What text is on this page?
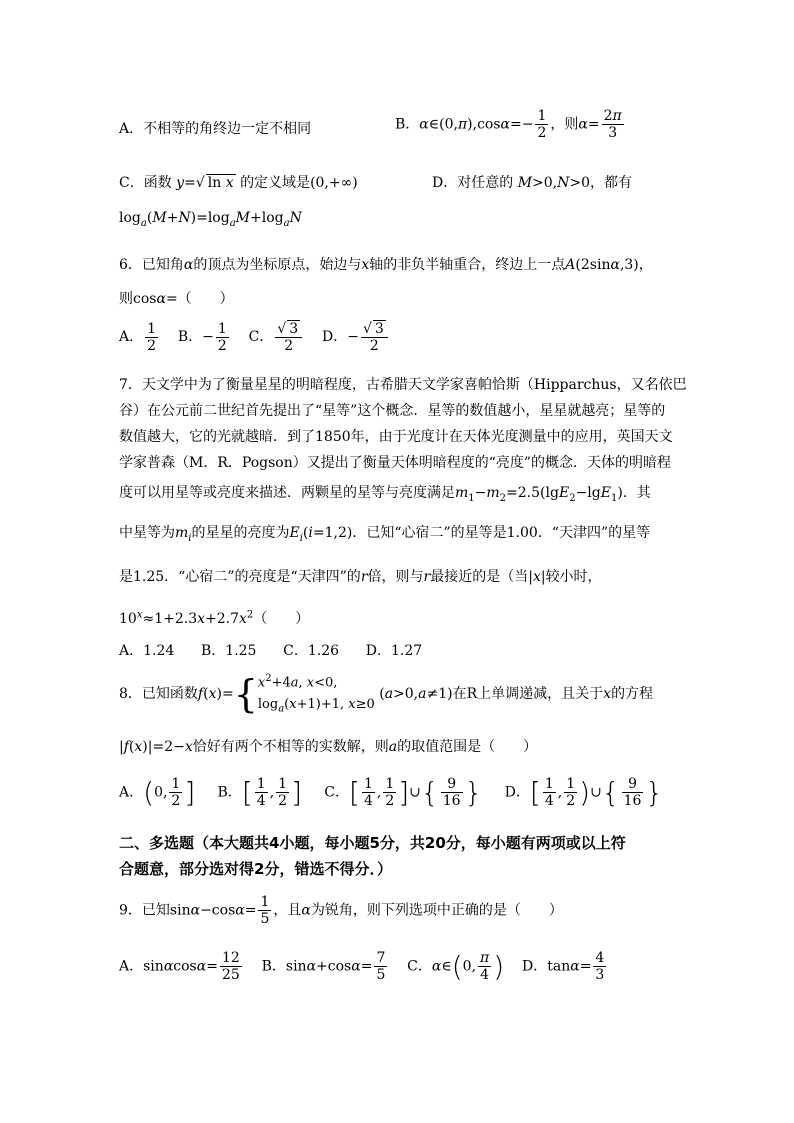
A．不相等的角终边一定不相同	B．α∈(0,π),cosα=− $\frac{1}{2}$ ，则$\alpha= \frac{2\pi}{3}$
C．函数 y=√ ln x 的定义域是(0,+∞)	D．对任意的 M>0,N>0，都有
$\log_a(M+N)=\log_aM+\log_aN$
6．已知角α的顶点为坐标原点，始边与x轴的非负半轴重合，终边上一点A(2sinα,3)，
则cosα=（　　）
A． $\frac{1}{2}$ B．− $\frac{1}{2}$ C． $\frac{√ 3}{2}$ D．− $\frac{√ 3}{2}$
7．天文学中为了衡量星星的明暗程度，古希腊天文学家喜帕恰斯（Hipparchus，又名依巴
谷）在公元前二世纪首先提出了“星等”这个概念．星等的数值越小，星星就越亮；星等的
数值越大，它的光就越暗．到了1850年，由于光度计在天体光度测量中的应用，英国天文
学家普森（M．R．Pogson）又提出了衡量天体明暗程度的“亮度”的概念．天体的明暗程
度可以用星等或亮度来描述．两颗星的星等与亮度满足$m_1-m_2=2.5(\lg E_2-\lg E_1)$．其
中星等为$m_i$的星星的亮度为$E_i(i=1,2)$．已知“心宿二”的星等是1.00．“天津四”的星等
是1.25．“心宿二”的亮度是“天津四”的r倍，则与r最接近的是（当|x|较小时，
$10^x\approx 1+2.3x+2.7x^2$（　　）
A．1.24 B．1.25 C．1.26 D．1.27
8．已知函数f(x)={ $x^2+4a$, x<0,
$\log_a(x+1)+1$, x≥0
(a>0,a≠1)在R上单调递减，且关于x的方程
|f(x)|=2−x恰好有两个不相等的实数解，则a的取值范围是（　　）
A．(0, $\frac{1}{2}$ ] B．[ $\frac{1}{4}$ , $\frac{1}{2}$ ] C．[ $\frac{1}{4}$ , $\frac{1}{2}$ ]∪{ $\frac{9}{16}$ } D．[ $\frac{1}{4}$ , $\frac{1}{2}$ )∪{ $\frac{9}{16}$ }
二、多选题（本大题共4小题，每小题5分，共20分，每小题有两项或以上符
合题意，部分选对得2分，错选不得分．）
9．已知$\sin\alpha-\cos\alpha= \frac{1}{5}$ ，且α为锐角，则下列选项中正确的是（　　）
A．$\sin\alpha\cos\alpha= \frac{12}{25}$ B．$\sin\alpha+\cos\alpha= \frac{7}{5}$ C．α∈(0, $\frac{\pi}{4}$ ) D．$\tan\alpha= \frac{4}{3}$
